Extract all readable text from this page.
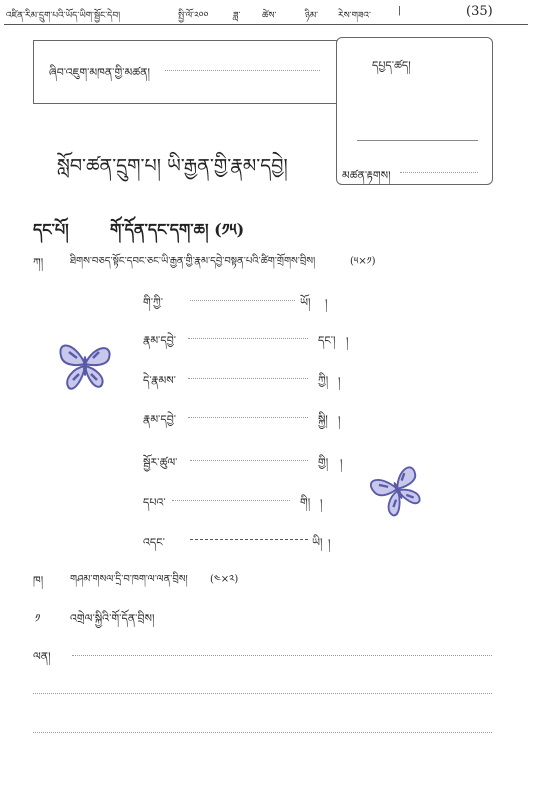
འཛིན་རིམ་དྲུག་པའི་ཡོད་ཡིག་སྦྱོང་དེབ།	སྤྱི་ལོ་༢༠༠	ཟླ་ ཚེས་	ཉིམ་ རེས་གཟའ་	|	(35)
ཞིབ་འཇུག་མཁན་གྱི་མཚན།
དཔྱད་ཚད།
མཚན་རྟགས།
སློབ་ཚན་དྲུག་པ། ཡི་རྒྱན་གྱི་རྣམ་དབྱེ།
དང་པོ།	གོ་དོན་དང་དག་ཆ། (༡༥)
ཀ།	ཐིགས་བཅད་སྟོང་དབང་ཅང་ཡི་རྒྱན་གྱི་རྣམ་དབྱེ་བསྟན་པའི་ཚིག་གྲོགས་བྲིས།	(༥×༡)
གི་ཀྱི་	ཡོ། །
རྣམ་དབྱེ་	དང་། །
དེ་རྣམས་	ཀྱི། །
རྣམ་དབྱེ་	སྐྱི། །
སྦྱོར་ཚུལ་	གྱི། །
དཔའ་	གི། །
འདང་	ཡི། །
ཁ།	གཤམ་གསལ་དྲི་བ་ཁག་ལ་ལན་བྲིས། (༤×༢)
༡	འགྲེལ་སྐྱིའི་གོ་དོན་བྲིས།
ལན།
